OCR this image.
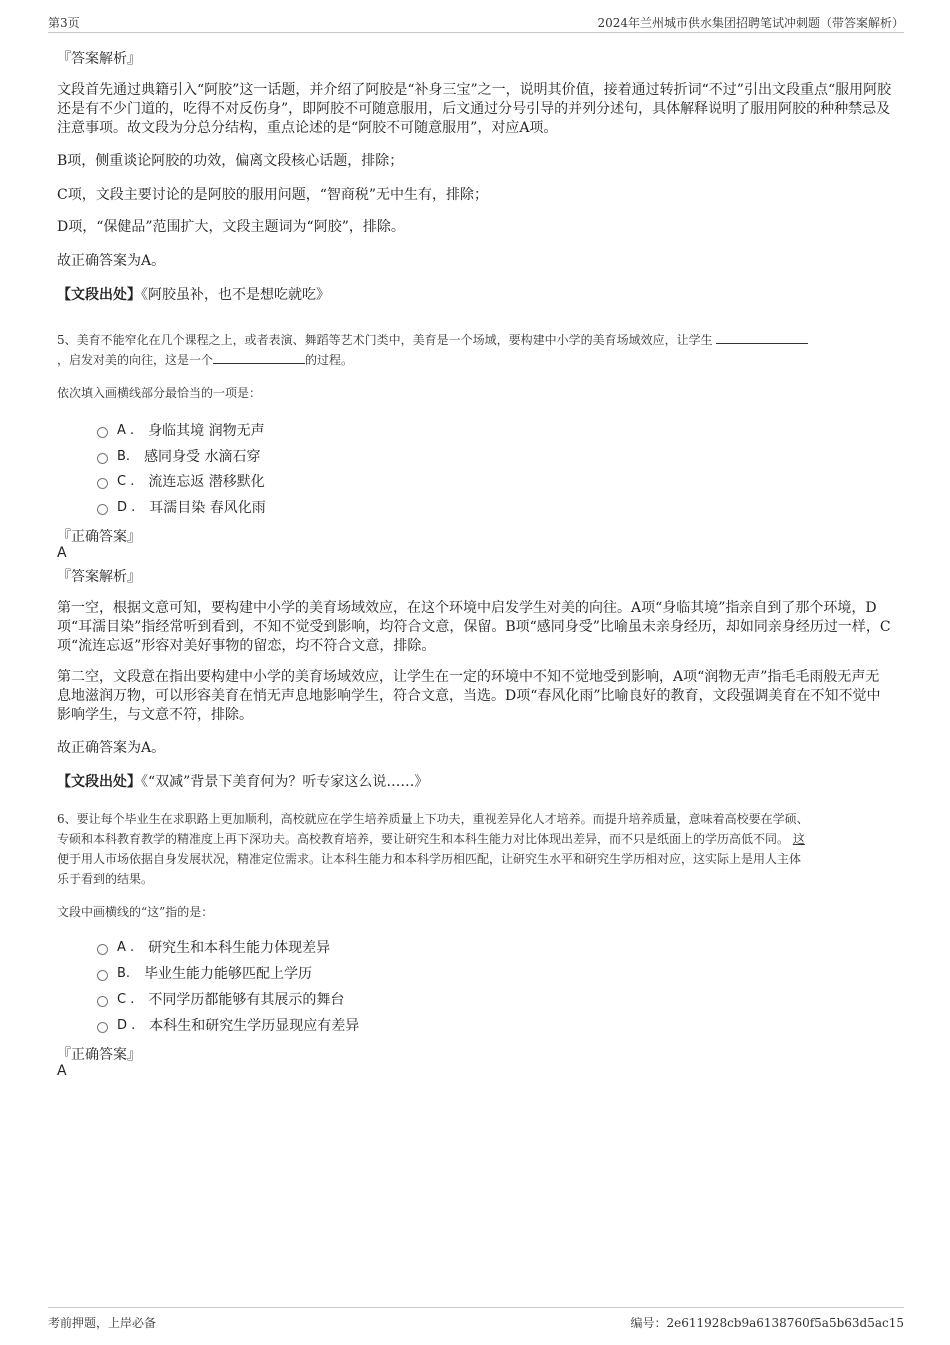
第3页	2024年兰州城市供水集团招聘笔试冲刺题（带答案解析）
『答案解析』
文段首先通过典籍引入“阿胶”这一话题，并介绍了阿胶是“补身三宝”之一，说明其价值，接着通过转折词“不过”引出文段重点“服用阿胶还是有不少门道的，吃得不对反伤身”，即阿胶不可随意服用，后文通过分号引导的并列分述句，具体解释说明了服用阿胶的种种禁忌及注意事项。故文段为分总分结构，重点论述的是“阿胶不可随意服用”，对应A项。
B项，侧重谈论阿胶的功效，偏离文段核心话题，排除；
C项，文段主要讨论的是阿胶的服用问题，“智商税”无中生有，排除；
D项，“保健品”范围扩大，文段主题词为“阿胶”，排除。
故正确答案为A。
【文段出处】《阿胶虽补，也不是想吃就吃》
5、美育不能窄化在几个课程之上，或者表演、舞蹈等艺术门类中，美育是一个场域，要构建中小学的美育场域效应，让学生
，启发对美的向往，这是一个	的过程。
依次填入画横线部分最恰当的一项是：
A . 身临其境 润物无声
B. 感同身受 水滴石穿
C . 流连忘返 潜移默化
D . 耳濡目染 春风化雨
『正确答案』
A
『答案解析』
第一空，根据文意可知，要构建中小学的美育场域效应，在这个环境中启发学生对美的向往。A项“身临其境”指亲自到了那个环境，D项“耳濡目染”指经常听到看到，不知不觉受到影响，均符合文意，保留。B项“感同身受”比喻虽未亲身经历，却如同亲身经历过一样，C项“流连忘返”形容对美好事物的留恋，均不符合文意，排除。
第二空，文段意在指出要构建中小学的美育场域效应，让学生在一定的环境中不知不觉地受到影响，A项“润物无声”指毛毛雨般无声无息地滋润万物，可以形容美育在悄无声息地影响学生，符合文意，当选。D项“春风化雨”比喻良好的教育，文段强调美育在不知不觉中影响学生，与文意不符，排除。
故正确答案为A。
【文段出处】《“双减”背景下美育何为？听专家这么说……》
6、要让每个毕业生在求职路上更加顺利，高校就应在学生培养质量上下功夫，重视差异化人才培养。而提升培养质量，意味着高校要在学硕、
专硕和本科教育教学的精准度上再下深功夫。高校教育培养，要让研究生和本科生能力对比体现出差异，而不只是纸面上的学历高低不同。 这
便于用人市场依据自身发展状况，精准定位需求。让本科生能力和本科学历相匹配，让研究生水平和研究生学历相对应，这实际上是用人主体
乐于看到的结果。
文段中画横线的“这”指的是：
A . 研究生和本科生能力体现差异
B. 毕业生能力能够匹配上学历
C . 不同学历都能够有其展示的舞台
D . 本科生和研究生学历显现应有差异
『正确答案』
A
考前押题，上岸必备	编号：2e611928cb9a6138760f5a5b63d5ac15
